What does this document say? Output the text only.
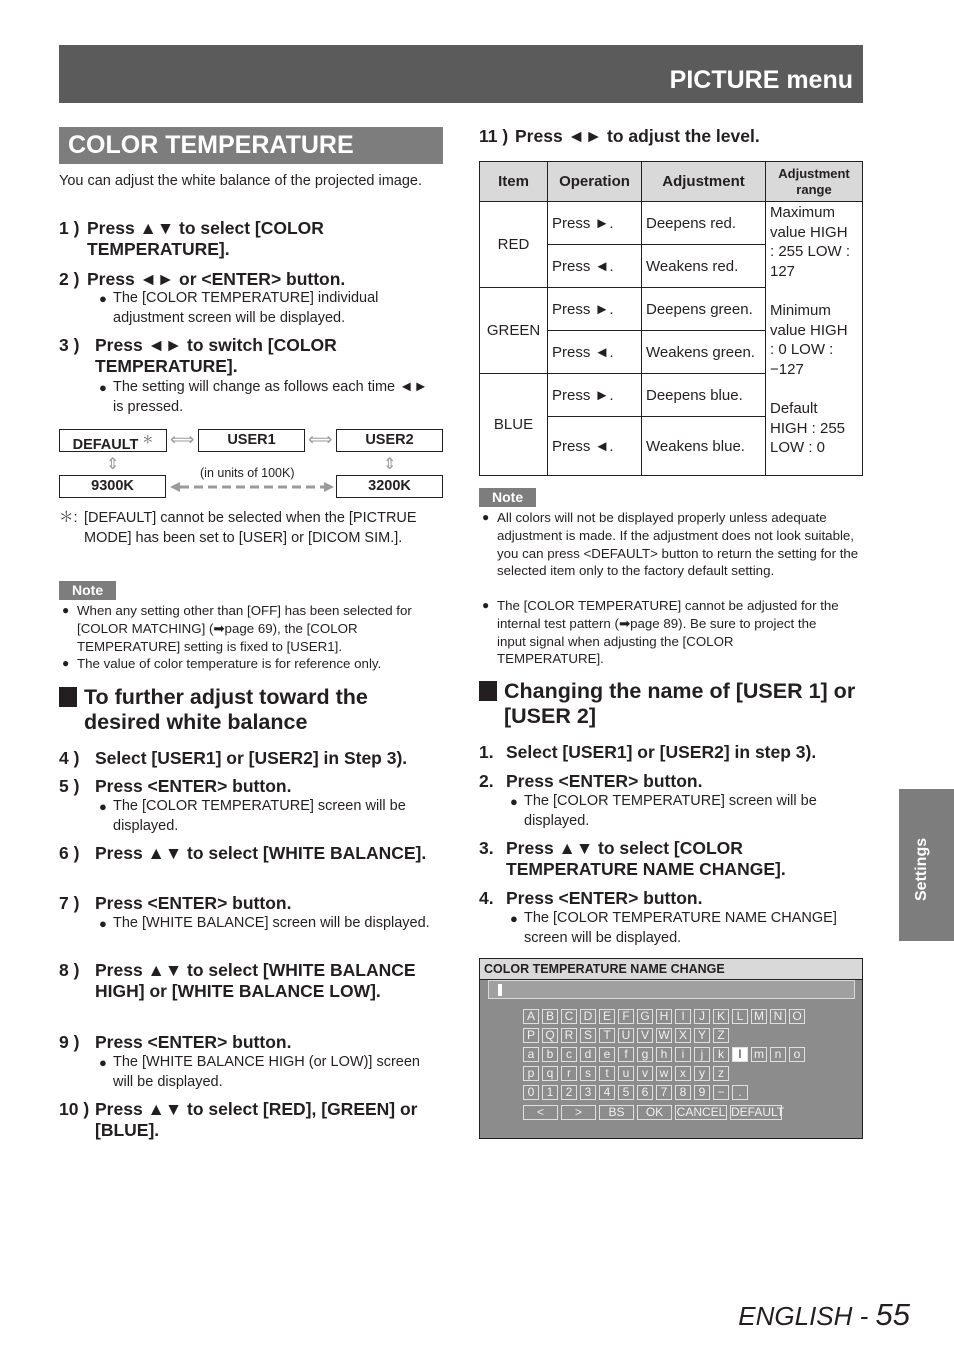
PICTURE menu
COLOR TEMPERATURE
You can adjust the white balance of the projected image.
1 ) Press ▲▼ to select [COLOR TEMPERATURE].
2 ) Press ◄► or <ENTER> button.
● The [COLOR TEMPERATURE] individual adjustment screen will be displayed.
3 ) Press ◄► to switch [COLOR TEMPERATURE].
● The setting will change as follows each time ◄► is pressed.
DEFAULT ＊ ⟺	USER1	⟺	USER2
⇕	⇕
(in units of 100K)
9300K	3200K
＊: [DEFAULT] cannot be selected when the [PICTRUE MODE] has been set to [USER] or [DICOM SIM.].
Note
● When any setting other than [OFF] has been selected for [COLOR MATCHING] (➡page 69), the [COLOR TEMPERATURE] setting is fixed to [USER1].
● The value of color temperature is for reference only.
To further adjust toward the desired white balance
4 ) Select [USER1] or [USER2] in Step 3).
5 ) Press <ENTER> button.
● The [COLOR TEMPERATURE] screen will be displayed.
6 ) Press ▲▼ to select [WHITE BALANCE].
7 ) Press <ENTER> button.
● The [WHITE BALANCE] screen will be displayed.
8 ) Press ▲▼ to select [WHITE BALANCE HIGH] or [WHITE BALANCE LOW].
9 ) Press <ENTER> button.
● The [WHITE BALANCE HIGH (or LOW)] screen will be displayed.
10 ) Press ▲▼ to select [RED], [GREEN] or [BLUE].
11 ) Press ◄► to adjust the level.
Item	Operation	Adjustment	Adjustment range
RED	Press ►.	Deepens red.	Maximum value HIGH : 255 LOW : 127
Minimum value HIGH : 0 LOW : −127
Default HIGH : 255 LOW : 0

	Press ◄.	Weakens red.	
GREEN	Press ►.	Deepens green.	
	Press ◄.	Weakens green.	
BLUE	Press ►.	Deepens blue.	
	Press ◄.	Weakens blue.	
Note
● All colors will not be displayed properly unless adequate adjustment is made. If the adjustment does not look suitable, you can press <DEFAULT> button to return the setting for the selected item only to the factory default setting.
● The [COLOR TEMPERATURE] cannot be adjusted for the internal test pattern (➡page 89). Be sure to project the input signal when adjusting the [COLOR TEMPERATURE].
Changing the name of [USER 1] or [USER 2]
1. Select [USER1] or [USER2] in step 3).
2. Press <ENTER> button.
● The [COLOR TEMPERATURE] screen will be displayed.
3. Press ▲▼ to select [COLOR TEMPERATURE NAME CHANGE].
4. Press <ENTER> button.
● The [COLOR TEMPERATURE NAME CHANGE] screen will be displayed.
COLOR TEMPERATURE NAME CHANGE
A B C D E F G H	I	J K L M N O
P Q R S T U V W X Y Z
a	b	c	d	e	f	g	h	i	j	k	l	m n	o
p	q	r	s	t	u	v w x	y	z
0	1	2	3	4	5	6	7	8	9	−	.
<	>	BS	OK	CANCEL DEFAULT
Settings
ENGLISH - 55
